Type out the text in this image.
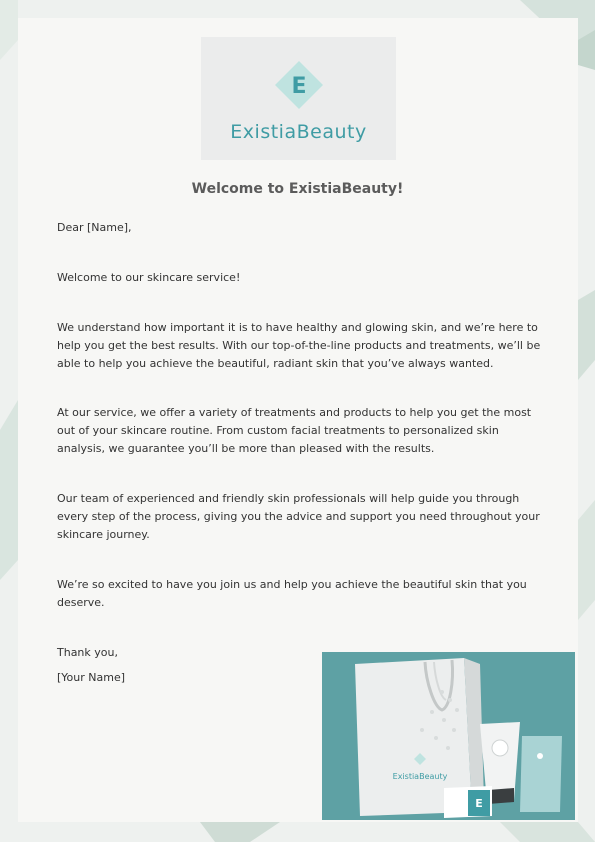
E
ExistiaBeauty
Welcome to ExistiaBeauty!

Dear [Name],

Welcome to our skincare service!

We understand how important it is to have healthy and glowing skin, and we’re here to help you get the best results. With our top-of-the-line products and treatments, we’ll be able to help you achieve the beautiful, radiant skin that you’ve always wanted.

At our service, we offer a variety of treatments and products to help you get the most out of your skincare routine. From custom facial treatments to personalized skin analysis, we guarantee you’ll be more than pleased with the results.

Our team of experienced and friendly skin professionals will help guide you through every step of the process, giving you the advice and support you need throughout your skincare journey.

We’re so excited to have you join us and help you achieve the beautiful skin that you deserve.

Thank you,

[Your Name]

ExistiaBeauty
E
